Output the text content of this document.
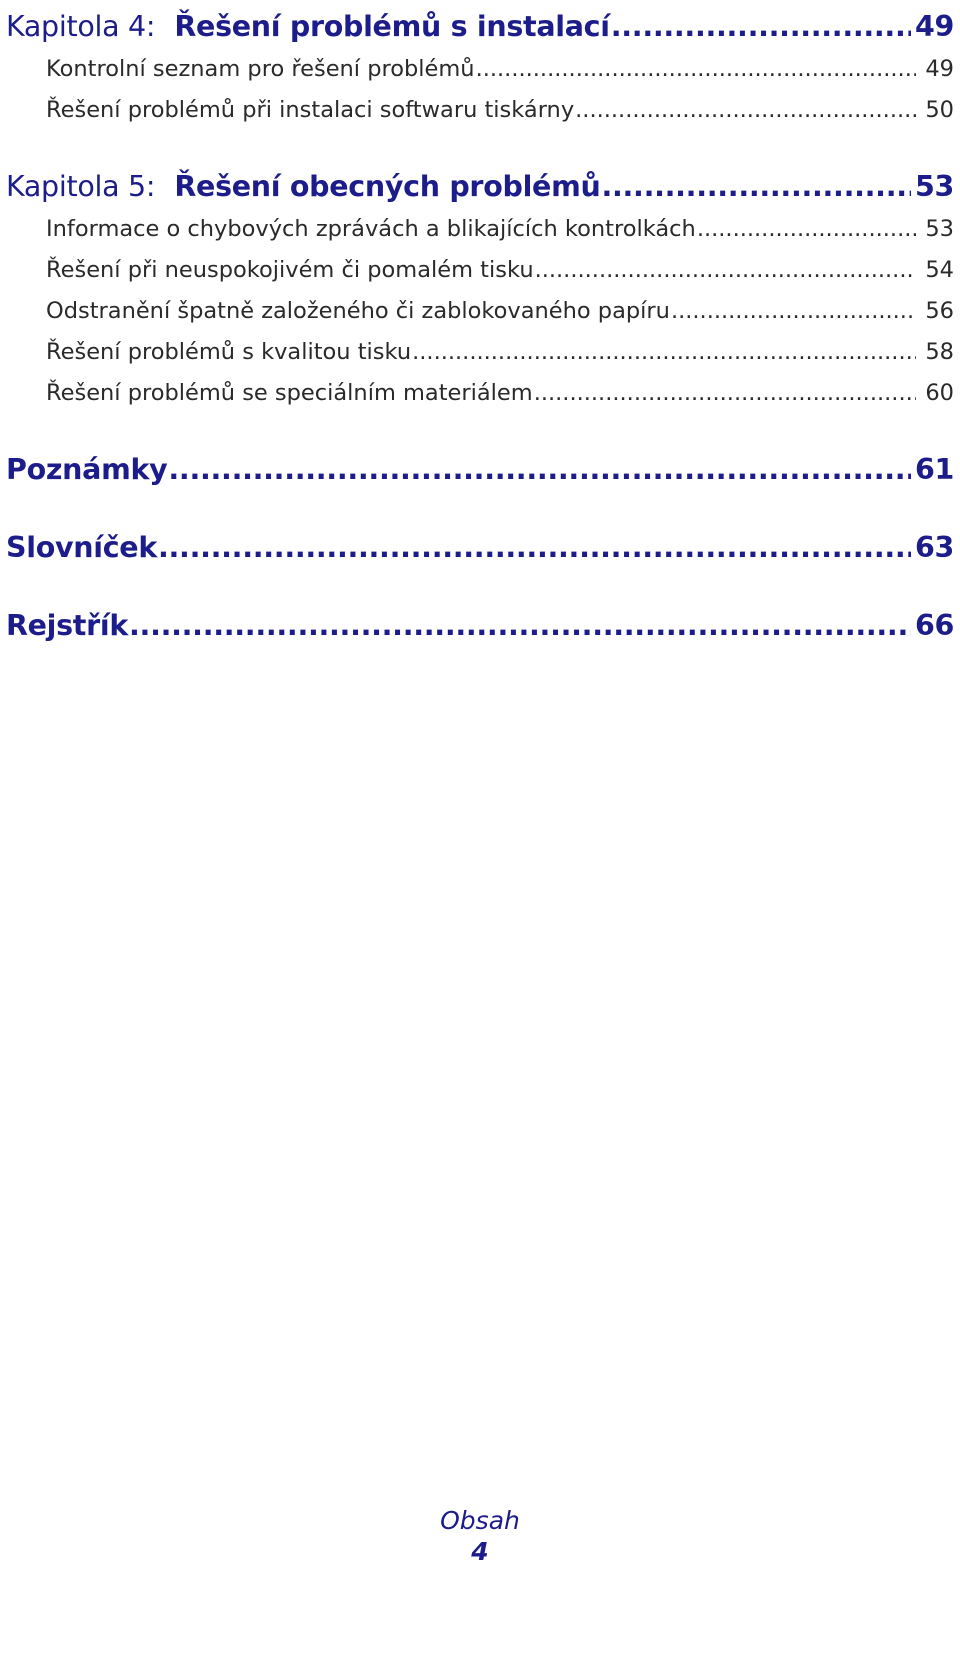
Kapitola 4: Řešení problémů s instalací .....	49
Kontrolní seznam pro řešení problémů .....	49
Řešení problémů při instalaci softwaru tiskárny .....	50
Kapitola 5: Řešení obecných problémů .....	53
Informace o chybových zprávách a blikajících kontrolkách .....	53
Řešení při neuspokojivém či pomalém tisku .....	54
Odstranění špatně založeného či zablokovaného papíru .....	56
Řešení problémů s kvalitou tisku .....	58
Řešení problémů se speciálním materiálem .....	60
Poznámky .....	61
Slovníček .....	63
Rejstřík .....	66
Obsah
4
